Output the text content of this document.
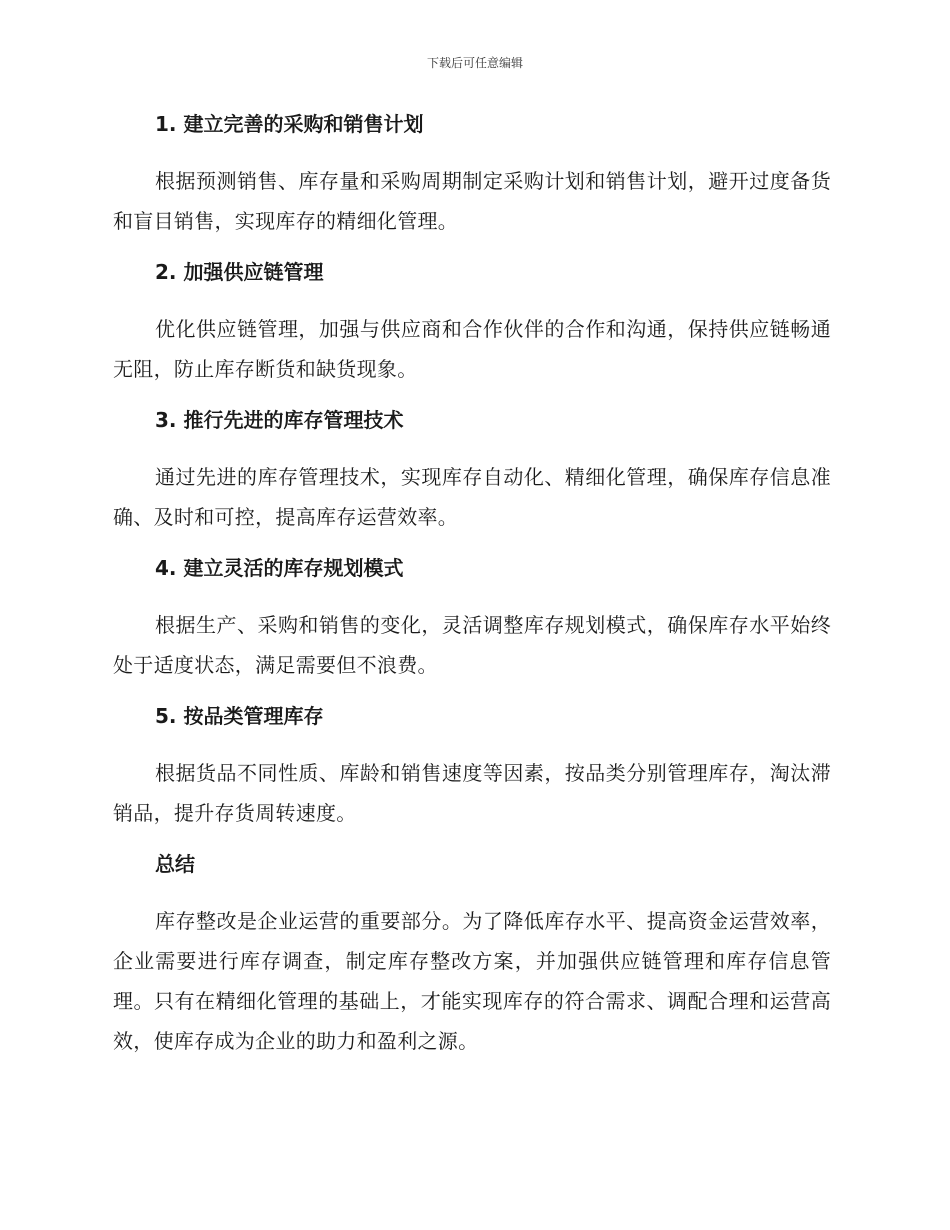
下载后可任意编辑
1. 建立完善的采购和销售计划
根据预测销售、库存量和采购周期制定采购计划和销售计划，避开过度备货和盲目销售，实现库存的精细化管理。
2. 加强供应链管理
优化供应链管理，加强与供应商和合作伙伴的合作和沟通，保持供应链畅通无阻，防止库存断货和缺货现象。
3. 推行先进的库存管理技术
通过先进的库存管理技术，实现库存自动化、精细化管理，确保库存信息准确、及时和可控，提高库存运营效率。
4. 建立灵活的库存规划模式
根据生产、采购和销售的变化，灵活调整库存规划模式，确保库存水平始终处于适度状态，满足需要但不浪费。
5. 按品类管理库存
根据货品不同性质、库龄和销售速度等因素，按品类分别管理库存，淘汰滞销品，提升存货周转速度。
总结
库存整改是企业运营的重要部分。为了降低库存水平、提高资金运营效率，企业需要进行库存调查，制定库存整改方案，并加强供应链管理和库存信息管理。只有在精细化管理的基础上，才能实现库存的符合需求、调配合理和运营高效，使库存成为企业的助力和盈利之源。
